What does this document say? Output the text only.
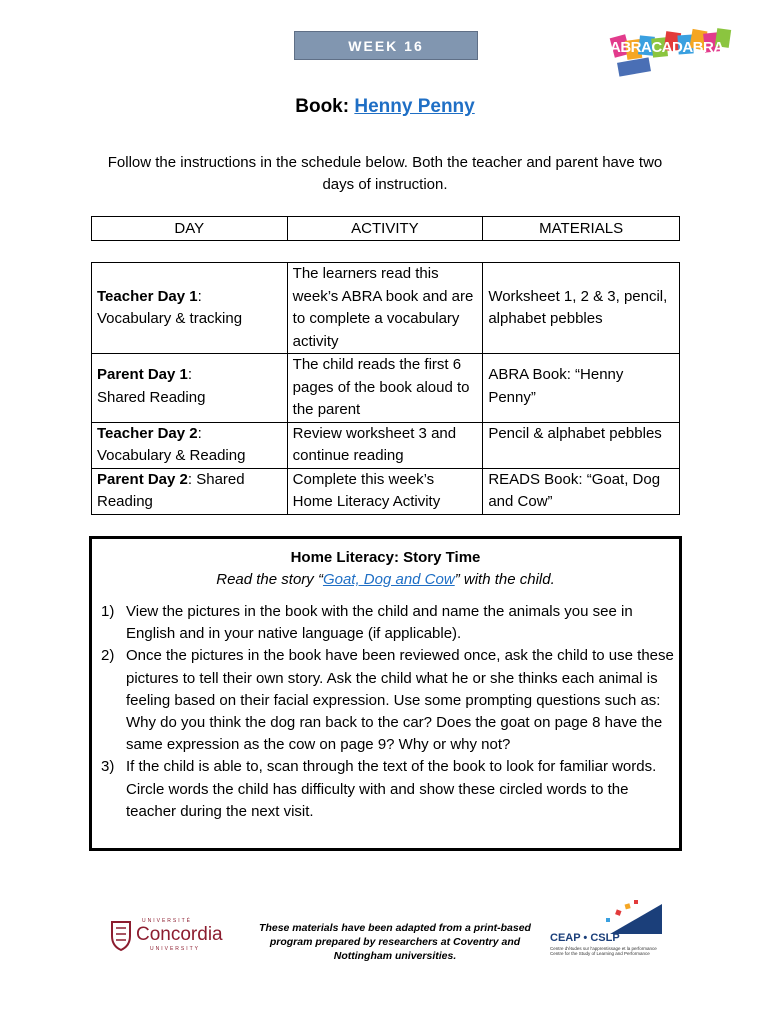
WEEK 16	ABRACADABRA
Book: Henny Penny
Follow the instructions in the schedule below. Both the teacher and parent have two days of instruction.
DAY	ACTIVITY	MATERIALS
Teacher Day 1:
Vocabulary & tracking	The learners read this week’s ABRA book and are to complete a vocabulary activity	Worksheet 1, 2 & 3, pencil, alphabet pebbles
Parent Day 1:
Shared Reading	The child reads the first 6 pages of the book aloud to the parent	ABRA Book: “Henny Penny”
Teacher Day 2:
Vocabulary & Reading	Review worksheet 3 and continue reading	Pencil & alphabet pebbles
Parent Day 2: Shared Reading	Complete this week’s Home Literacy Activity	READS Book: “Goat, Dog and Cow”
Home Literacy: Story Time
Read the story “Goat, Dog and Cow” with the child.
1) View the pictures in the book with the child and name the animals you see in English and in your native language (if applicable).
2) Once the pictures in the book have been reviewed once, ask the child to use these pictures to tell their own story. Ask the child what he or she thinks each animal is feeling based on their facial expression. Use some prompting questions such as: Why do you think the dog ran back to the car? Does the goat on page 8 have the same expression as the cow on page 9? Why or why not?
3) If the child is able to, scan through the text of the book to look for familiar words. Circle words the child has difficulty with and show these circled words to the teacher during the next visit.
UNIVERSITÉ
Concordia
UNIVERSITY
These materials have been adapted from a print-based program prepared by researchers at Coventry and Nottingham universities.
CEAP • CSLP
Centre d'études sur l'apprentissage et la performance
Centre for the Study of Learning and Performance
